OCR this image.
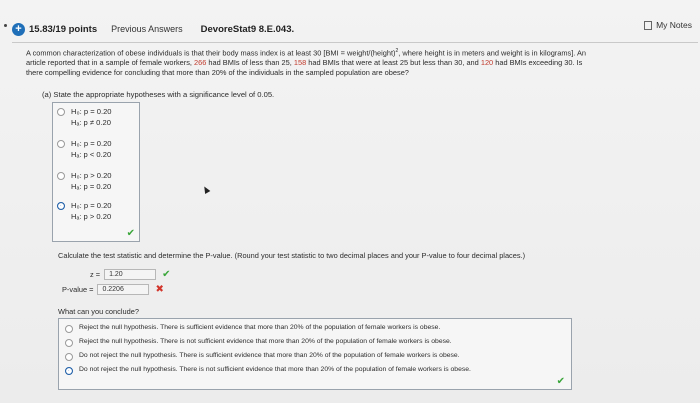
+ 15.83/19 points Previous Answers DevoreStat9 8.E.043.	My Notes
A common characterization of obese individuals is that their body mass index is at least 30 [BMI = weight/(height)$^2$, where height is in meters and weight is in kilograms]. An
article reported that in a sample of female workers, 266 had BMIs of less than 25, 158 had BMIs that were at least 25 but less than 30, and 120 had BMIs exceeding 30. Is
there compelling evidence for concluding that more than 20% of the individuals in the sampled population are obese?
(a) State the appropriate hypotheses with a significance level of 0.05.
H₀: p = 0.20
Hₐ: p ≠ 0.20
H₀: p = 0.20
Hₐ: p < 0.20
H₀: p > 0.20
Hₐ: p = 0.20
H₀: p = 0.20
Hₐ: p > 0.20
✔
Calculate the test statistic and determine the P-value. (Round your test statistic to two decimal places and your P-value to four decimal places.)
z =	1.20	✔
P-value =	0.2206	✖
What can you conclude?
Reject the null hypothesis. There is sufficient evidence that more than 20% of the population of female workers is obese.
Reject the null hypothesis. There is not sufficient evidence that more than 20% of the population of female workers is obese.
Do not reject the null hypothesis. There is sufficient evidence that more than 20% of the population of female workers is obese.
Do not reject the null hypothesis. There is not sufficient evidence that more than 20% of the population of female workers is obese.
✔
